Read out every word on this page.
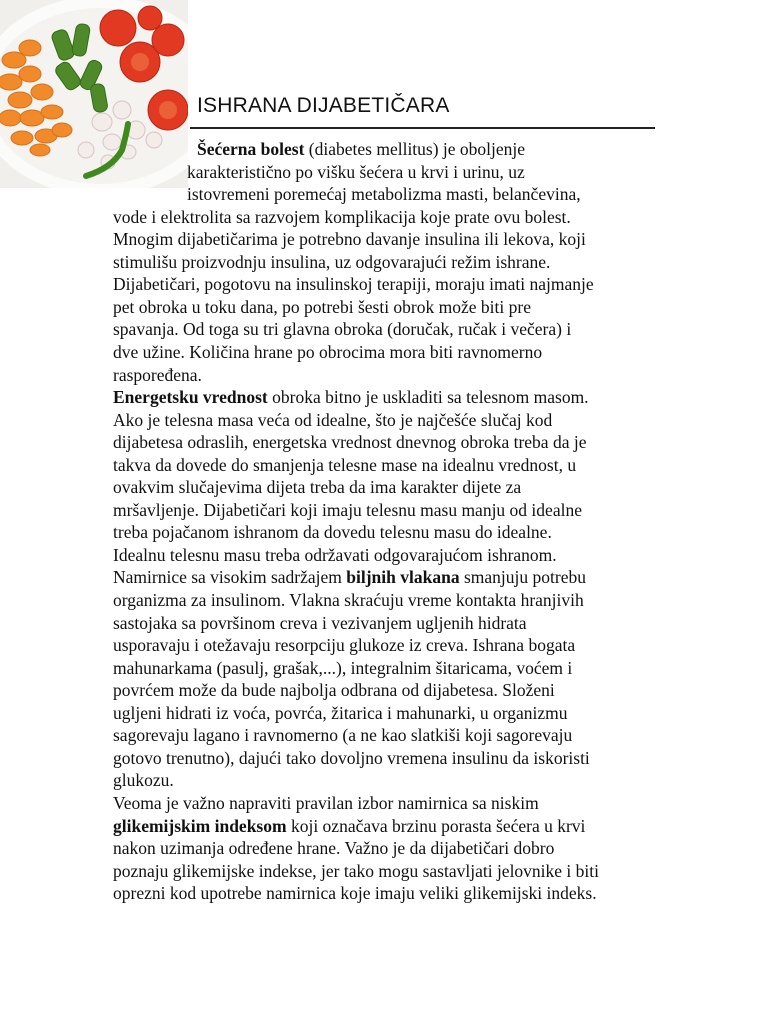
ISHRANA DIJABETIČARA

Šećerna bolest (diabetes mellitus) je oboljenje

karakteristično po višku šećera u krvi i urinu, uz

istovremeni poremećaj metabolizma masti, belančevina,

vode i elektrolita sa razvojem komplikacija koje prate ovu bolest.

Mnogim dijabetičarima je potrebno davanje insulina ili lekova, koji

stimulišu proizvodnju insulina, uz odgovarajući režim ishrane.

Dijabetičari, pogotovu na insulinskoj terapiji, moraju imati najmanje

pet obroka u toku dana, po potrebi šesti obrok može biti pre

spavanja. Od toga su tri glavna obroka (doručak, ručak i večera) i

dve užine. Količina hrane po obrocima mora biti ravnomerno

raspoređena.

Energetsku vrednost obroka bitno je uskladiti sa telesnom masom.

Ako je telesna masa veća od idealne, što je najčešće slučaj kod

dijabetesa odraslih, energetska vrednost dnevnog obroka treba da je

takva da dovede do smanjenja telesne mase na idealnu vrednost, u

ovakvim slučajevima dijeta treba da ima karakter dijete za

mršavljenje. Dijabetičari koji imaju telesnu masu manju od idealne

treba pojačanom ishranom da dovedu telesnu masu do idealne.

Idealnu telesnu masu treba održavati odgovarajućom ishranom.

Namirnice sa visokim sadržajem biljnih vlakana smanjuju potrebu

organizma za insulinom. Vlakna skraćuju vreme kontakta hranjivih

sastojaka sa površinom creva i vezivanjem ugljenih hidrata

usporavaju i otežavaju resorpciju glukoze iz creva. Ishrana bogata

mahunarkama (pasulj, grašak,...), integralnim šitaricama, voćem i

povrćem može da bude najbolja odbrana od dijabetesa. Složeni

ugljeni hidrati iz voća, povrća, žitarica i mahunarki, u organizmu

sagorevaju lagano i ravnomerno (a ne kao slatkiši koji sagorevaju

gotovo trenutno), dajući tako dovoljno vremena insulinu da iskoristi

glukozu.

Veoma je važno napraviti pravilan izbor namirnica sa niskim

glikemijskim indeksom koji označava brzinu porasta šećera u krvi

nakon uzimanja određene hrane. Važno je da dijabetičari dobro

poznaju glikemijske indekse, jer tako mogu sastavljati jelovnike i biti

oprezni kod upotrebe namirnica koje imaju veliki glikemijski indeks.
